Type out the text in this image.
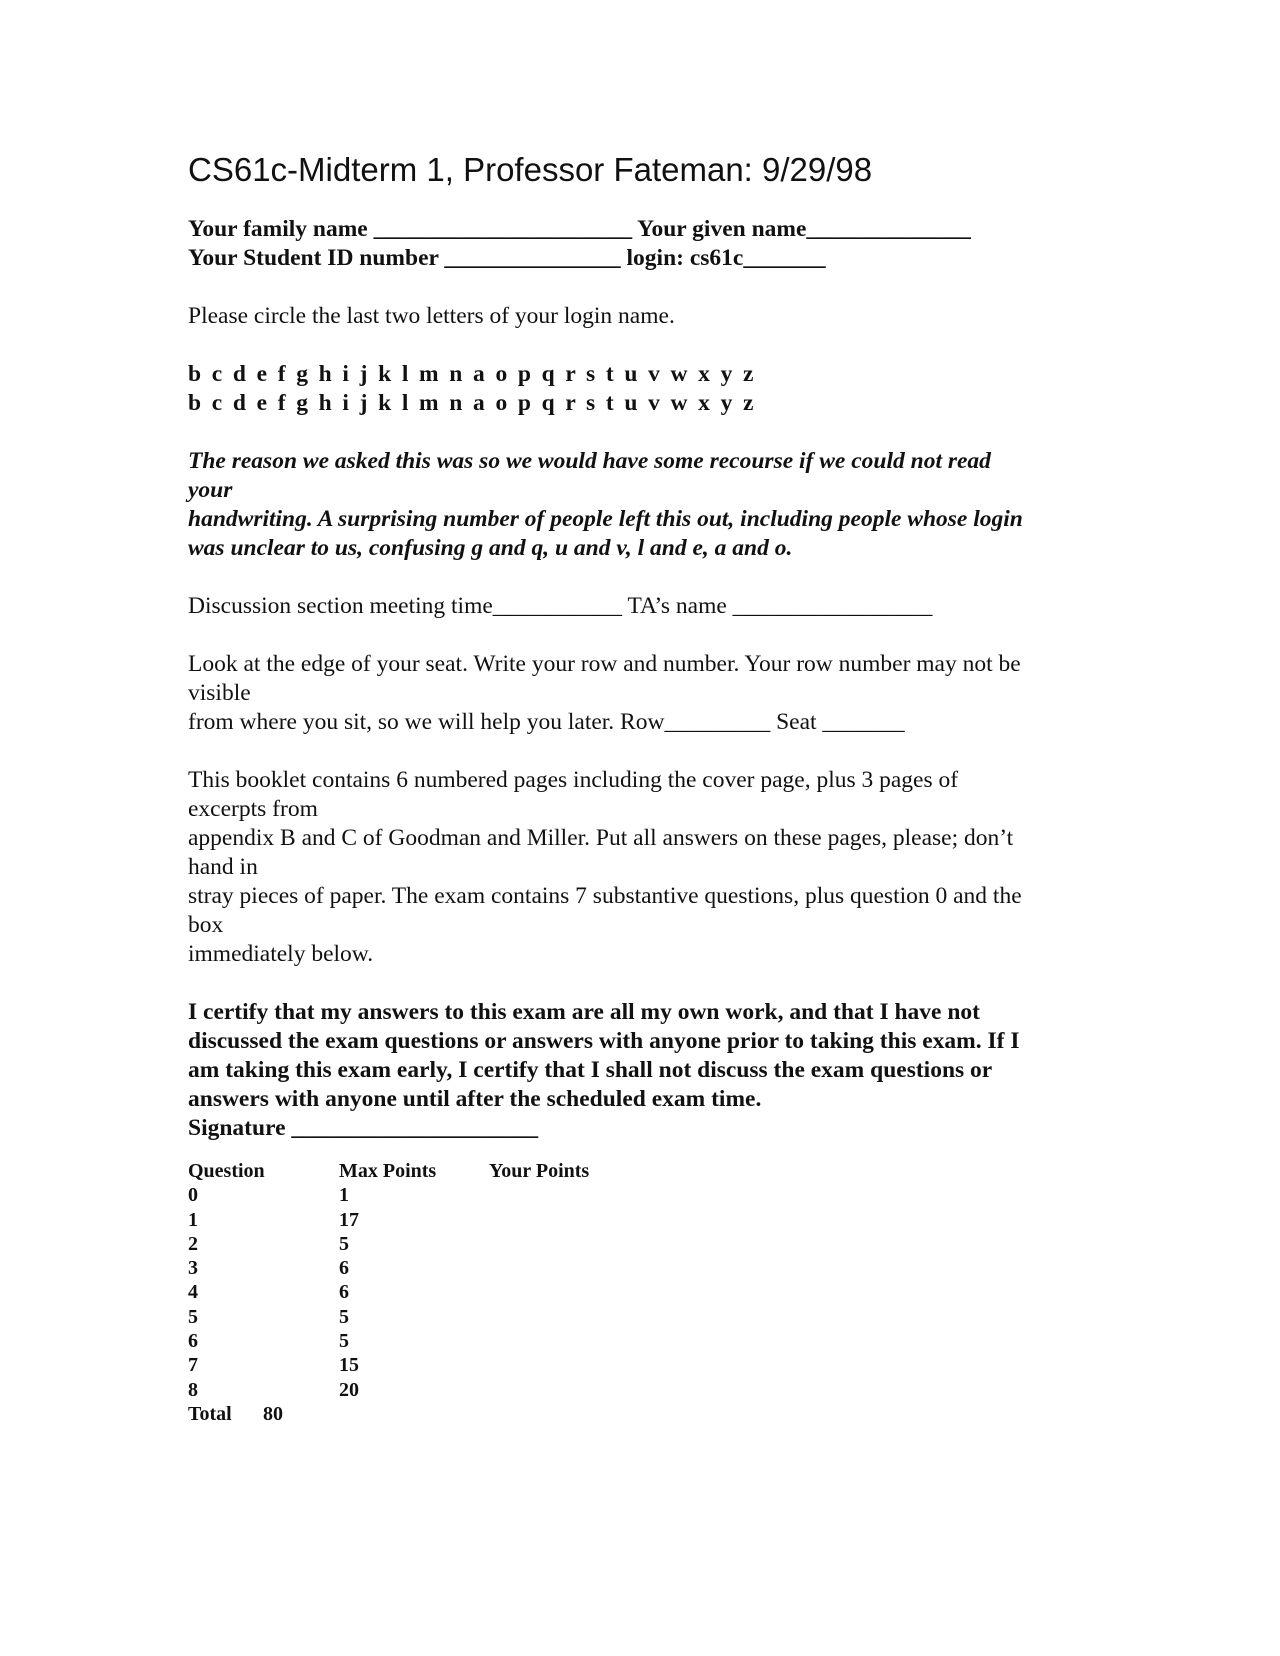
CS61c-Midterm 1, Professor Fateman: 9/29/98
Your family name ______________________ Your given name______________
Your Student ID number _______________ login: cs61c_______
Please circle the last two letters of your login name.
b c d e f g h i j k l m n a o p q r s t u v w x y z
b c d e f g h i j k l m n a o p q r s t u v w x y z
The reason we asked this was so we would have some recourse if we could not read
your
handwriting. A surprising number of people left this out, including people whose login
was unclear to us, confusing g and q, u and v, l and e, a and o.
Discussion section meeting time___________ TA’s name _________________
Look at the edge of your seat. Write your row and number. Your row number may not be
visible
from where you sit, so we will help you later. Row_________ Seat _______
This booklet contains 6 numbered pages including the cover page, plus 3 pages of
excerpts from
appendix B and C of Goodman and Miller. Put all answers on these pages, please; don’t
hand in
stray pieces of paper. The exam contains 7 substantive questions, plus question 0 and the
box
immediately below.
I certify that my answers to this exam are all my own work, and that I have not
discussed the exam questions or answers with anyone prior to taking this exam. If I
am taking this exam early, I certify that I shall not discuss the exam questions or
answers with anyone until after the scheduled exam time.
Signature _____________________
Question	Max Points	Your Points
0	1
1	17
2	5
3	6
4	6
5	5
6	5
7	15
8	20
Total	80
